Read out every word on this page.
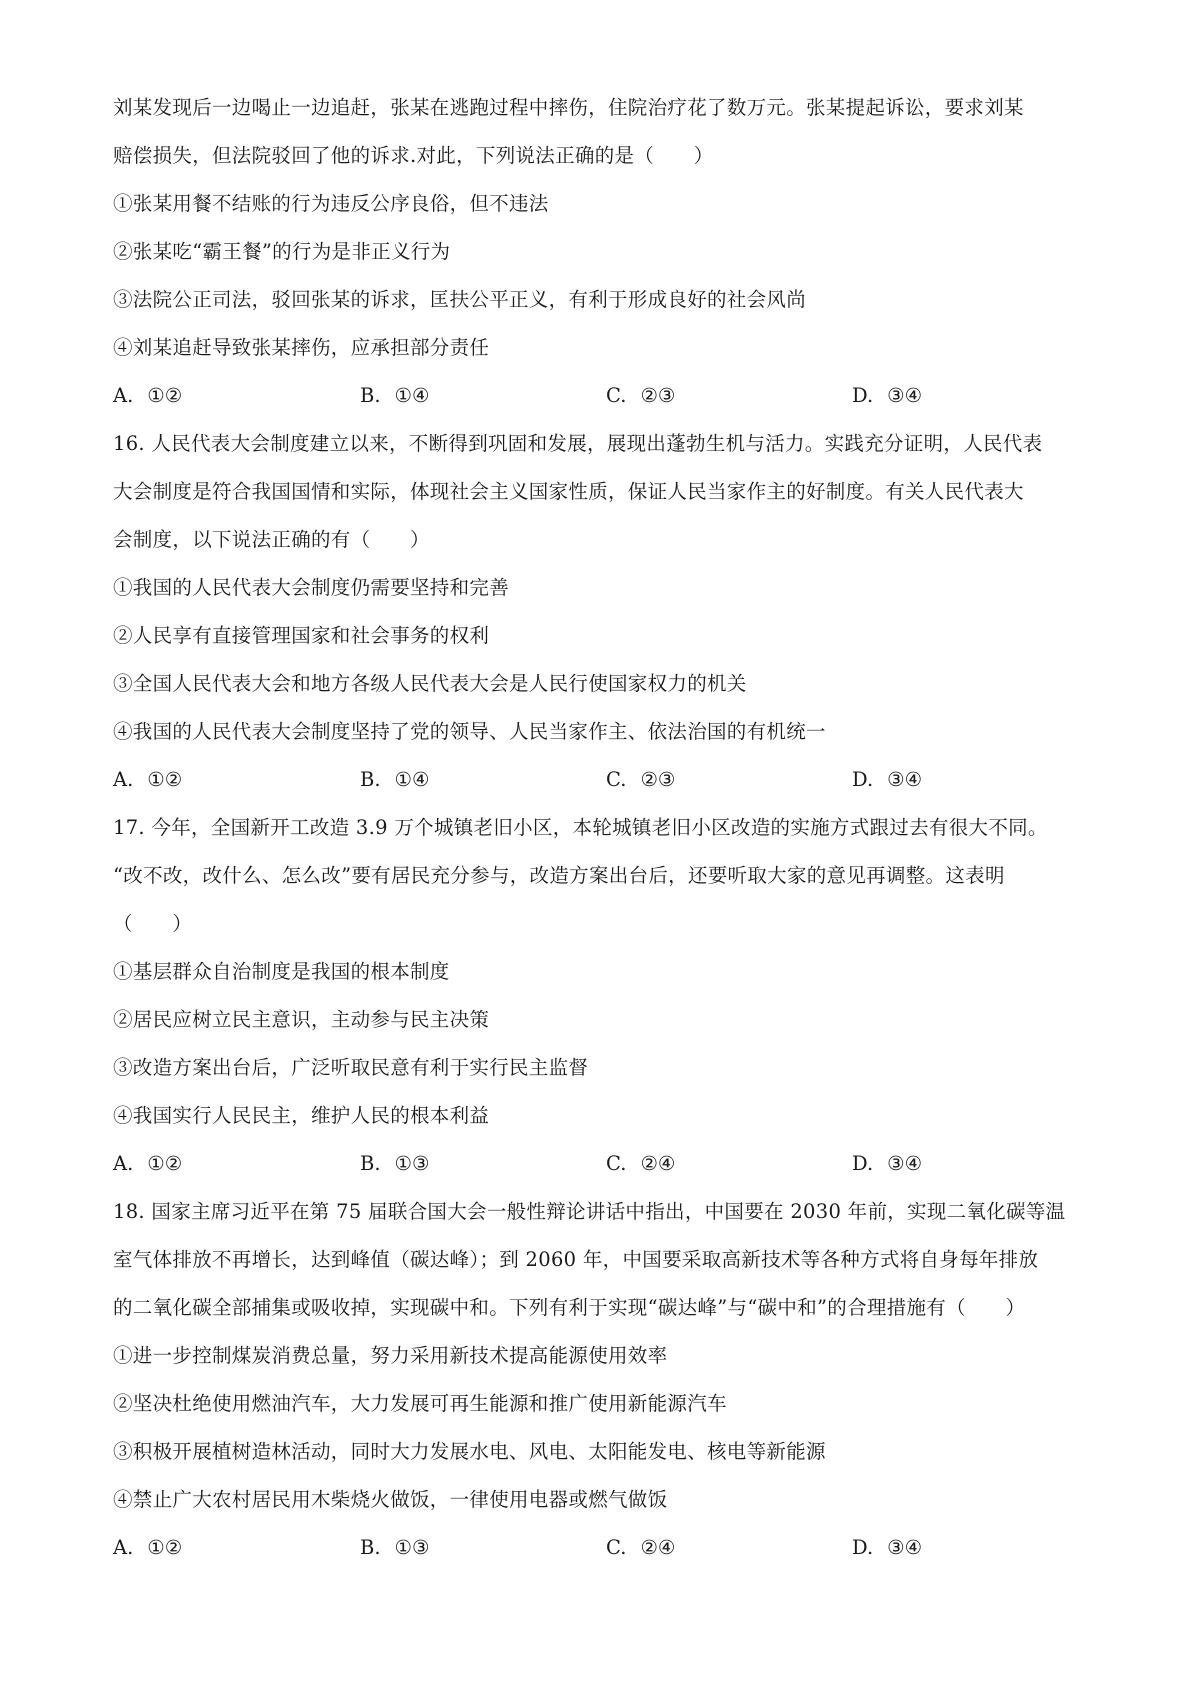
刘某发现后一边喝止一边追赶，张某在逃跑过程中摔伤，住院治疗花了数万元。张某提起诉讼，要求刘某
赔偿损失，但法院驳回了他的诉求.对此，下列说法正确的是（　　）
①张某用餐不结账的行为违反公序良俗，但不违法
②张某吃“霸王餐”的行为是非正义行为
③法院公正司法，驳回张某的诉求，匡扶公平正义，有利于形成良好的社会风尚
④刘某追赶导致张某摔伤，应承担部分责任
A. ①②	B. ①④	C. ②③	D. ③④
16. 人民代表大会制度建立以来，不断得到巩固和发展，展现出蓬勃生机与活力。实践充分证明，人民代表
大会制度是符合我国国情和实际，体现社会主义国家性质，保证人民当家作主的好制度。有关人民代表大
会制度，以下说法正确的有（　　）
①我国的人民代表大会制度仍需要坚持和完善
②人民享有直接管理国家和社会事务的权利
③全国人民代表大会和地方各级人民代表大会是人民行使国家权力的机关
④我国的人民代表大会制度坚持了党的领导、人民当家作主、依法治国的有机统一
A. ①②	B. ①④	C. ②③	D. ③④
17. 今年，全国新开工改造 3.9 万个城镇老旧小区，本轮城镇老旧小区改造的实施方式跟过去有很大不同。
“改不改，改什么、怎么改”要有居民充分参与，改造方案出台后，还要听取大家的意见再调整。这表明
（　　）
①基层群众自治制度是我国的根本制度
②居民应树立民主意识，主动参与民主决策
③改造方案出台后，广泛听取民意有利于实行民主监督
④我国实行人民民主，维护人民的根本利益
A. ①②	B. ①③	C. ②④	D. ③④
18. 国家主席习近平在第 75 届联合国大会一般性辩论讲话中指出，中国要在 2030 年前，实现二氧化碳等温
室气体排放不再增长，达到峰值（碳达峰）；到 2060 年，中国要采取高新技术等各种方式将自身每年排放
的二氧化碳全部捕集或吸收掉，实现碳中和。下列有利于实现“碳达峰”与“碳中和”的合理措施有（　　）
①进一步控制煤炭消费总量，努力采用新技术提高能源使用效率
②坚决杜绝使用燃油汽车，大力发展可再生能源和推广使用新能源汽车
③积极开展植树造林活动，同时大力发展水电、风电、太阳能发电、核电等新能源
④禁止广大农村居民用木柴烧火做饭，一律使用电器或燃气做饭
A. ①②	B. ①③	C. ②④	D. ③④
